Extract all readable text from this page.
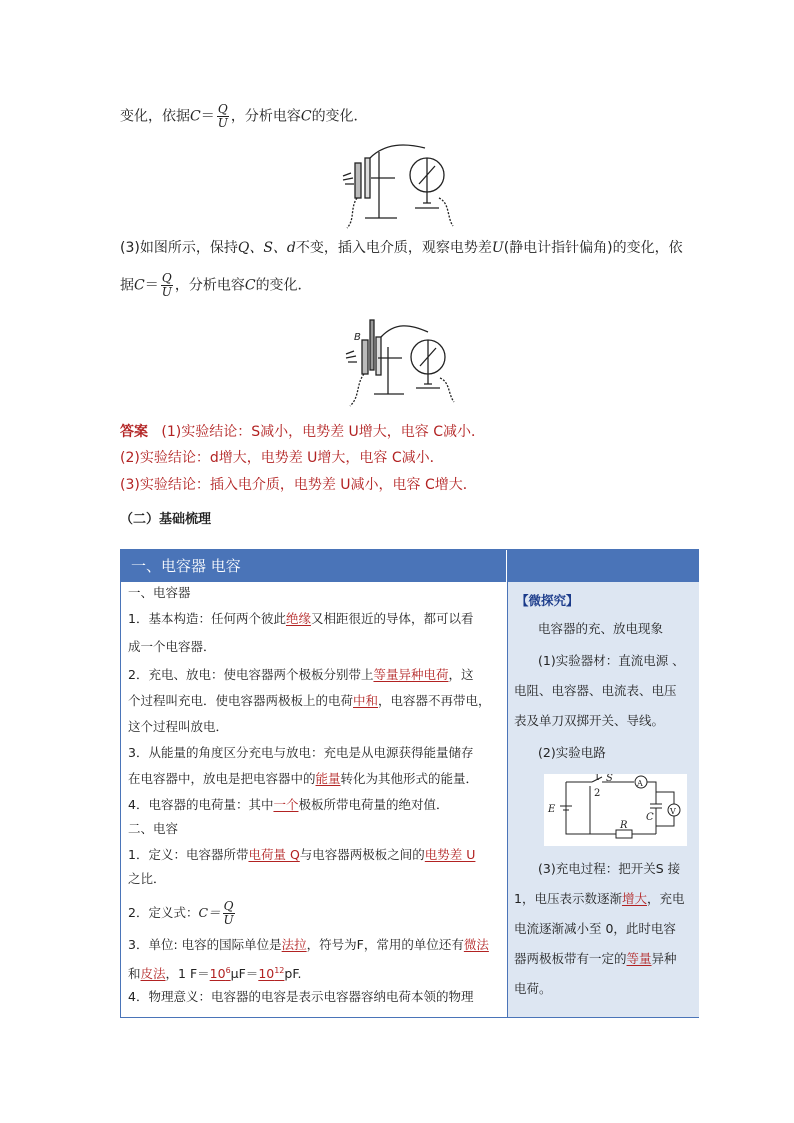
变化，依据$C= \frac{Q}{U}$ ，分析电容C的变化．
(3)如图所示，保持Q、S、d不变，插入电介质，观察电势差U(静电计指针偏角)的变化，依
据$C= \frac{Q}{U}$ ，分析电容C的变化．
B
答案 (1)实验结论：S减小，电势差 U增大，电容 C减小．
(2)实验结论：d增大，电势差 U增大，电容 C减小．
(3)实验结论：插入电介质，电势差 U减小，电容 C增大．
（二）基础梳理
一、电容器 电容
一、电容器
1．基本构造：任何两个彼此绝缘又相距很近的导体，都可以看
成一个电容器．
2．充电、放电：使电容器两个极板分别带上等量异种电荷，这
个过程叫充电．使电容器两极板上的电荷中和，电容器不再带电，
这个过程叫放电．
3．从能量的角度区分充电与放电：充电是从电源获得能量储存
在电容器中，放电是把电容器中的能量转化为其他形式的能量．
4．电容器的电荷量：其中一个极板所带电荷量的绝对值．
二、电容
1．定义：电容器所带电荷量 Q与电容器两极板之间的电势差 U
之比．
2．定义式：$C= \frac{Q}{U}$
3．单位: 电容的国际单位是法拉，符号为F，常用的单位还有微法
和皮法，1 $F=10^6\mu F=10^{12}pF$.
4．物理意义：电容器的电容是表示电容器容纳电荷本领的物理
【微探究】
电容器的充、放电现象
(1)实验器材：直流电源 、
电阻、电容器、电流表、电压
表及单刀双掷开关、导线。
(2)实验电路
1
2
S	A
V
E
R
C
(3)充电过程：把开关S 接
1，电压表示数逐渐增大，充电
电流逐渐减小至 0，此时电容
器两极板带有一定的等量异种
电荷。
